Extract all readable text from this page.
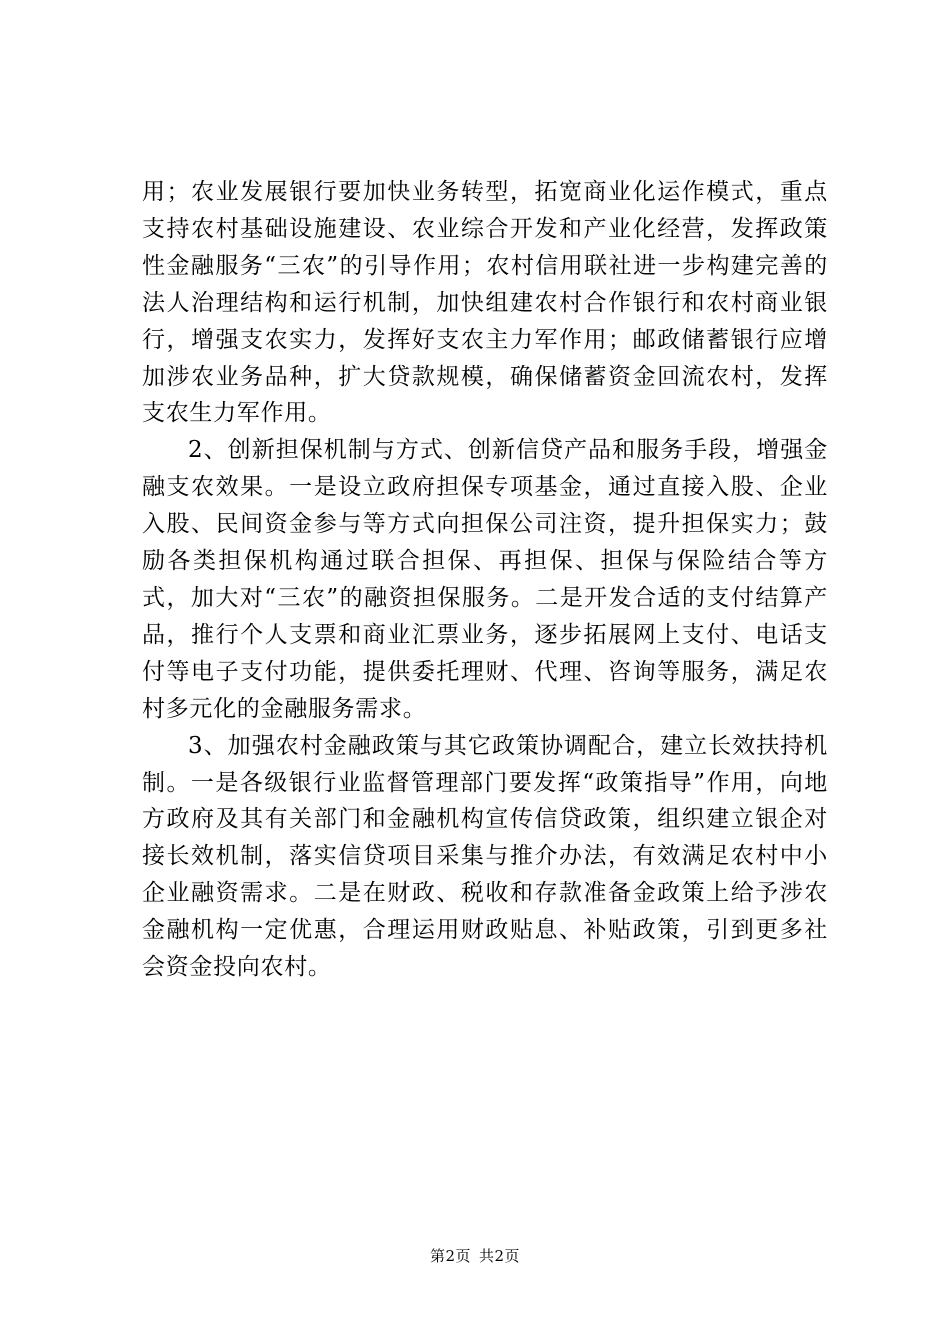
用；农业发展银行要加快业务转型，拓宽商业化运作模式，重点支持农村基础设施建设、农业综合开发和产业化经营，发挥政策性金融服务“三农”的引导作用；农村信用联社进一步构建完善的法人治理结构和运行机制，加快组建农村合作银行和农村商业银行，增强支农实力，发挥好支农主力军作用；邮政储蓄银行应增加涉农业务品种，扩大贷款规模，确保储蓄资金回流农村，发挥支农生力军作用。

2、创新担保机制与方式、创新信贷产品和服务手段，增强金融支农效果。一是设立政府担保专项基金，通过直接入股、企业入股、民间资金参与等方式向担保公司注资，提升担保实力；鼓励各类担保机构通过联合担保、再担保、担保与保险结合等方式，加大对“三农”的融资担保服务。二是开发合适的支付结算产品，推行个人支票和商业汇票业务，逐步拓展网上支付、电话支付等电子支付功能，提供委托理财、代理、咨询等服务，满足农村多元化的金融服务需求。

3、加强农村金融政策与其它政策协调配合，建立长效扶持机制。一是各级银行业监督管理部门要发挥“政策指导”作用，向地方政府及其有关部门和金融机构宣传信贷政策，组织建立银企对接长效机制，落实信贷项目采集与推介办法，有效满足农村中小企业融资需求。二是在财政、税收和存款准备金政策上给予涉农金融机构一定优惠，合理运用财政贴息、补贴政策，引到更多社会资金投向农村。

第2页 共2页
